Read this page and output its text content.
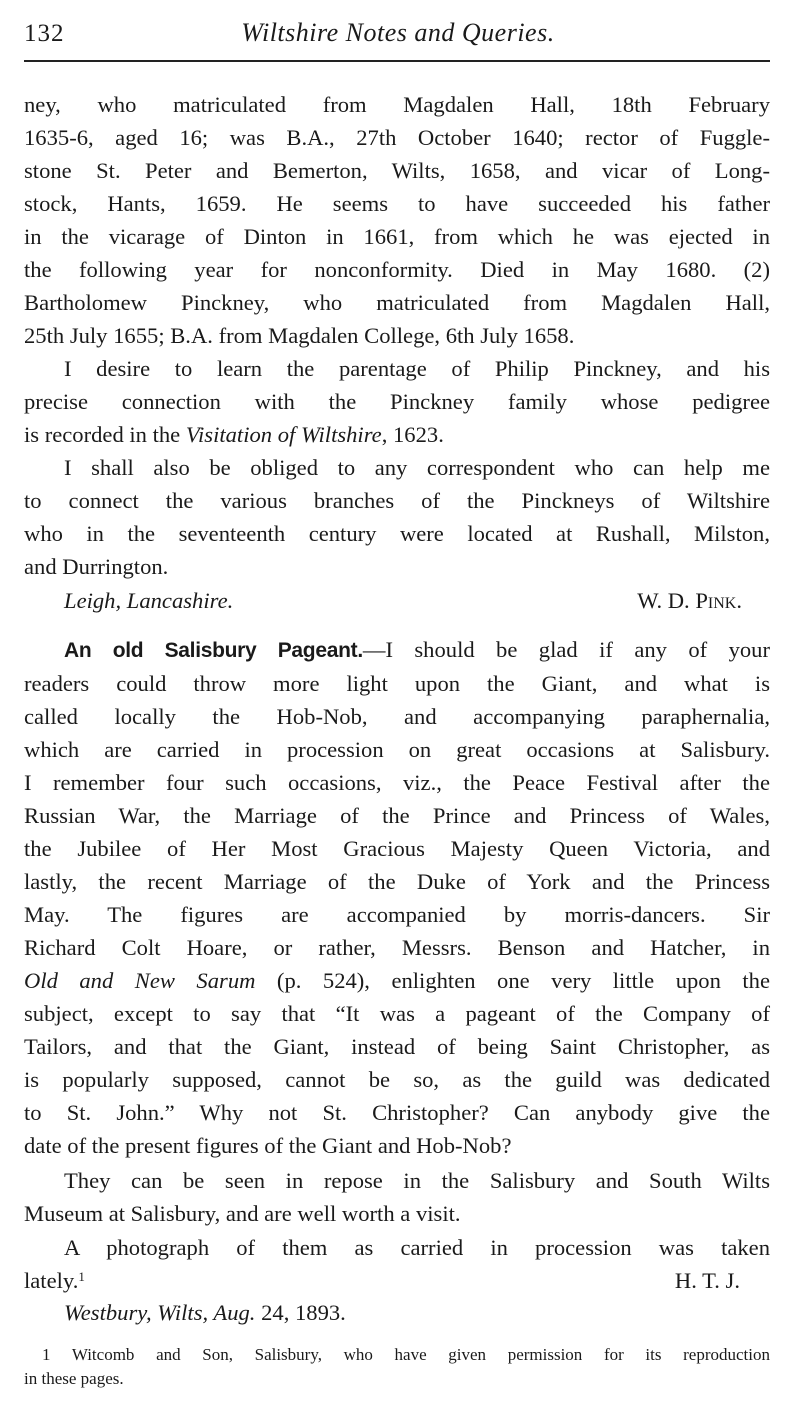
132	Wiltshire Notes and Queries.
ney, who matriculated from Magdalen Hall, 18th February
1635-6, aged 16; was B.A., 27th October 1640; rector of Fuggle-
stone St. Peter and Bemerton, Wilts, 1658, and vicar of Long-
stock, Hants, 1659. He seems to have succeeded his father
in the vicarage of Dinton in 1661, from which he was ejected in
the following year for nonconformity. Died in May 1680. (2)
Bartholomew Pinckney, who matriculated from Magdalen Hall,
25th July 1655; B.A. from Magdalen College, 6th July 1658.
I desire to learn the parentage of Philip Pinckney, and his
precise connection with the Pinckney family whose pedigree
is recorded in the Visitation of Wiltshire, 1623.
I shall also be obliged to any correspondent who can help me
to connect the various branches of the Pinckneys of Wiltshire
who in the seventeenth century were located at Rushall, Milston,
and Durrington.
Leigh, Lancashire.	W. D. Pink.
An old Salisbury Pageant.—I should be glad if any of your
readers could throw more light upon the Giant, and what is
called locally the Hob-Nob, and accompanying paraphernalia,
which are carried in procession on great occasions at Salisbury.
I remember four such occasions, viz., the Peace Festival after the
Russian War, the Marriage of the Prince and Princess of Wales,
the Jubilee of Her Most Gracious Majesty Queen Victoria, and
lastly, the recent Marriage of the Duke of York and the Princess
May. The figures are accompanied by morris-dancers. Sir
Richard Colt Hoare, or rather, Messrs. Benson and Hatcher, in
Old and New Sarum (p. 524), enlighten one very little upon the
subject, except to say that “It was a pageant of the Company of
Tailors, and that the Giant, instead of being Saint Christopher, as
is popularly supposed, cannot be so, as the guild was dedicated
to St. John.” Why not St. Christopher? Can anybody give the
date of the present figures of the Giant and Hob-Nob?
They can be seen in repose in the Salisbury and South Wilts
Museum at Salisbury, and are well worth a visit.
A photograph of them as carried in procession was taken
lately.$^1$	H. T. J.
Westbury, Wilts, Aug. 24, 1893.
1 Witcomb and Son, Salisbury, who have given permission for its reproduction
in these pages.
